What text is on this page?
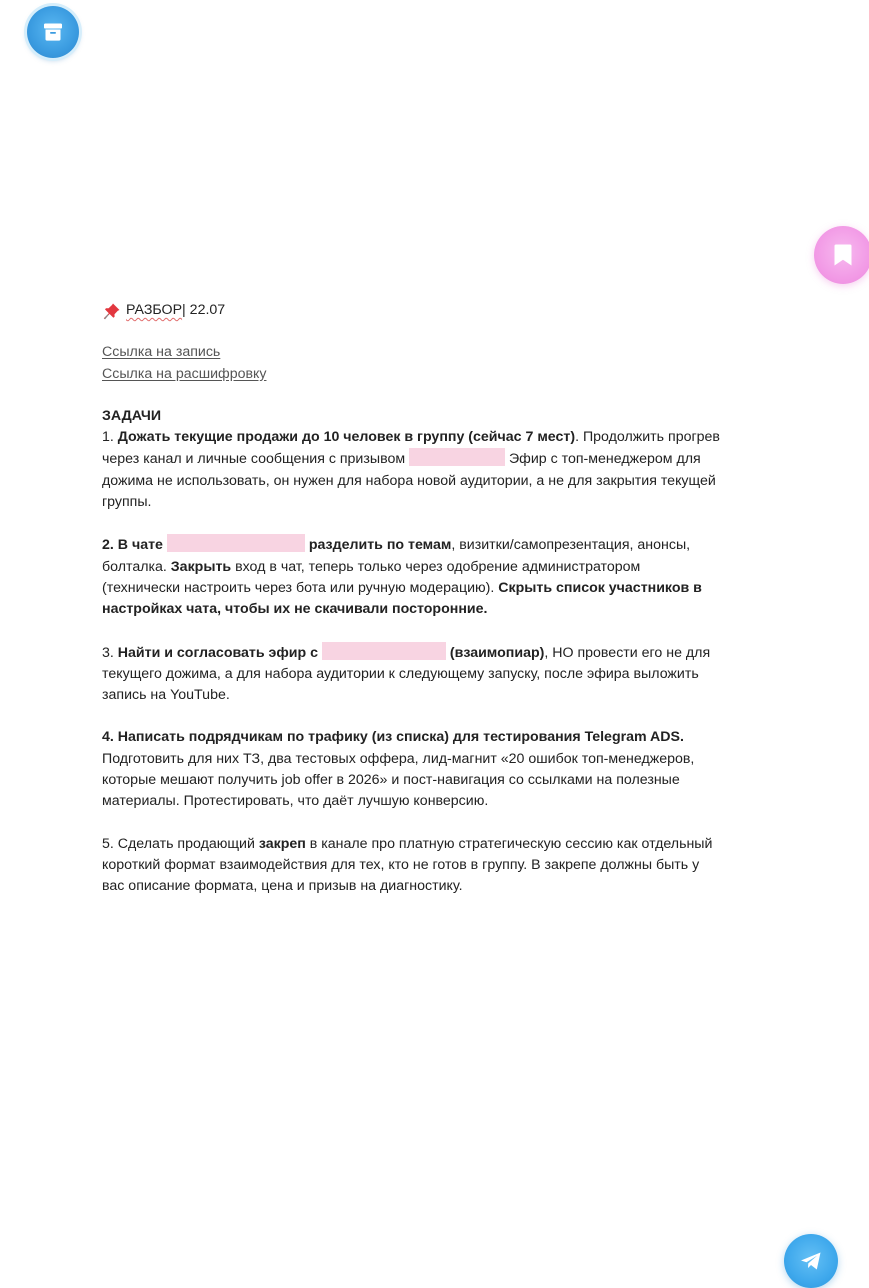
РАЗБОР | 22.07
Ссылка на запись
Ссылка на расшифровку

ЗАДАЧИ

1. Дожать текущие продажи до 10 человек в группу (сейчас 7 мест). Продолжить прогрев через канал и личные сообщения с призывом	Эфир с топ-менеджером для дожима не использовать, он нужен для набора новой аудитории, а не для закрытия текущей группы.

2. В чате	разделить по темам, визитки/самопрезентация, анонсы, болталка. Закрыть вход в чат, теперь только через одобрение администратором (технически настроить через бота или ручную модерацию). Скрыть список участников в настройках чата, чтобы их не скачивали посторонние.

3. Найти и согласовать эфир с	(взаимопиар), НО провести его не для текущего дожима, а для набора аудитории к следующему запуску, после эфира выложить запись на YouTube.

4. Написать подрядчикам по трафику (из списка) для тестирования Telegram ADS. Подготовить для них ТЗ, два тестовых оффера, лид-магнит «20 ошибок топ-менеджеров, которые мешают получить job offer в 2026» и пост-навигация со ссылками на полезные материалы. Протестировать, что даёт лучшую конверсию.

5. Сделать продающий закреп в канале про платную стратегическую сессию как отдельный короткий формат взаимодействия для тех, кто не готов в группу. В закрепе должны быть у вас описание формата, цена и призыв на диагностику.
